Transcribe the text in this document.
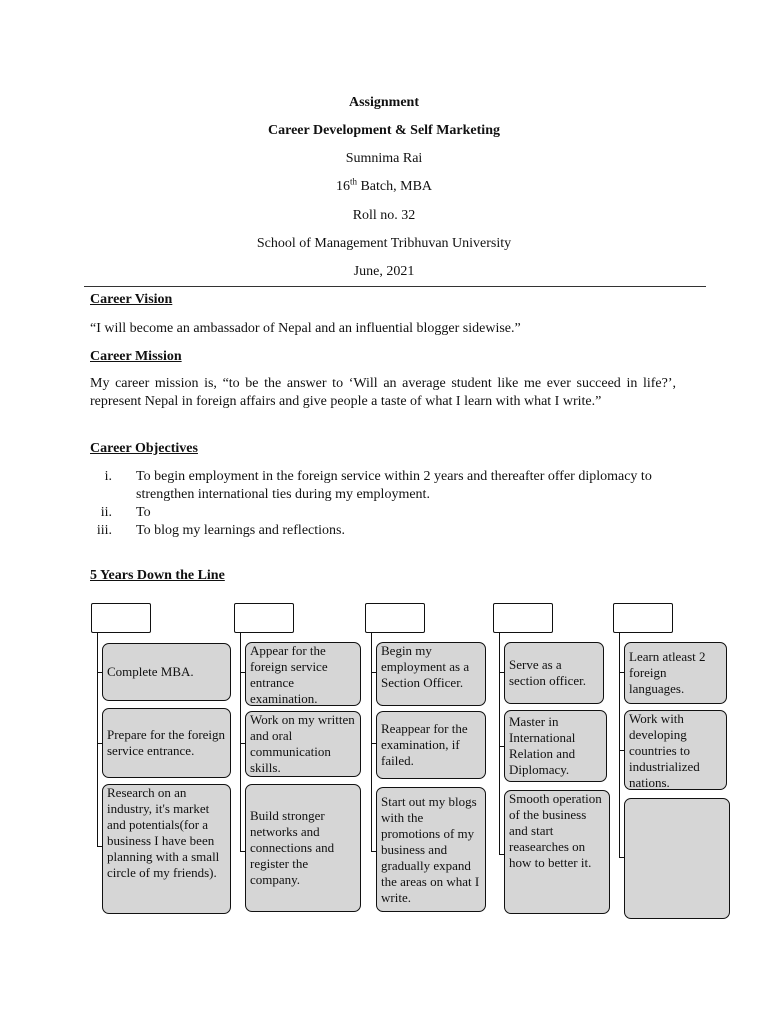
Assignment
Career Development & Self Marketing
Sumnima Rai
16th Batch, MBA
Roll no. 32
School of Management Tribhuvan University
June, 2021
Career Vision
“I will become an ambassador of Nepal and an influential blogger sidewise.”
Career Mission
My career mission is, “to be the answer to ‘Will an average student like me ever succeed in life?’, represent Nepal in foreign affairs and give people a taste of what I learn with what I write.”
Career Objectives
i. To begin employment in the foreign service within 2 years and thereafter offer diplomacy to strengthen international ties during my employment.
ii. To
iii. To blog my learnings and reflections.
5 Years Down the Line
Complete MBA.
Prepare for the foreign service entrance.
Research on an industry, it's market and potentials(for a business I have been planning with a small circle of my friends).
Appear for the foreign service entrance examination.
Work on my written and oral communication skills.
Build stronger networks and connections and register the company.
Begin my employment as a Section Officer.
Reappear for the examination, if failed.
Start out my blogs with the promotions of my business and gradually expand the areas on what I write.
Serve as a section officer.
Master in International Relation and Diplomacy.
Smooth operation of the business and start reasearches on how to better it.
Learn atleast 2 foreign languages.
Work with developing countries to industrialized nations.
